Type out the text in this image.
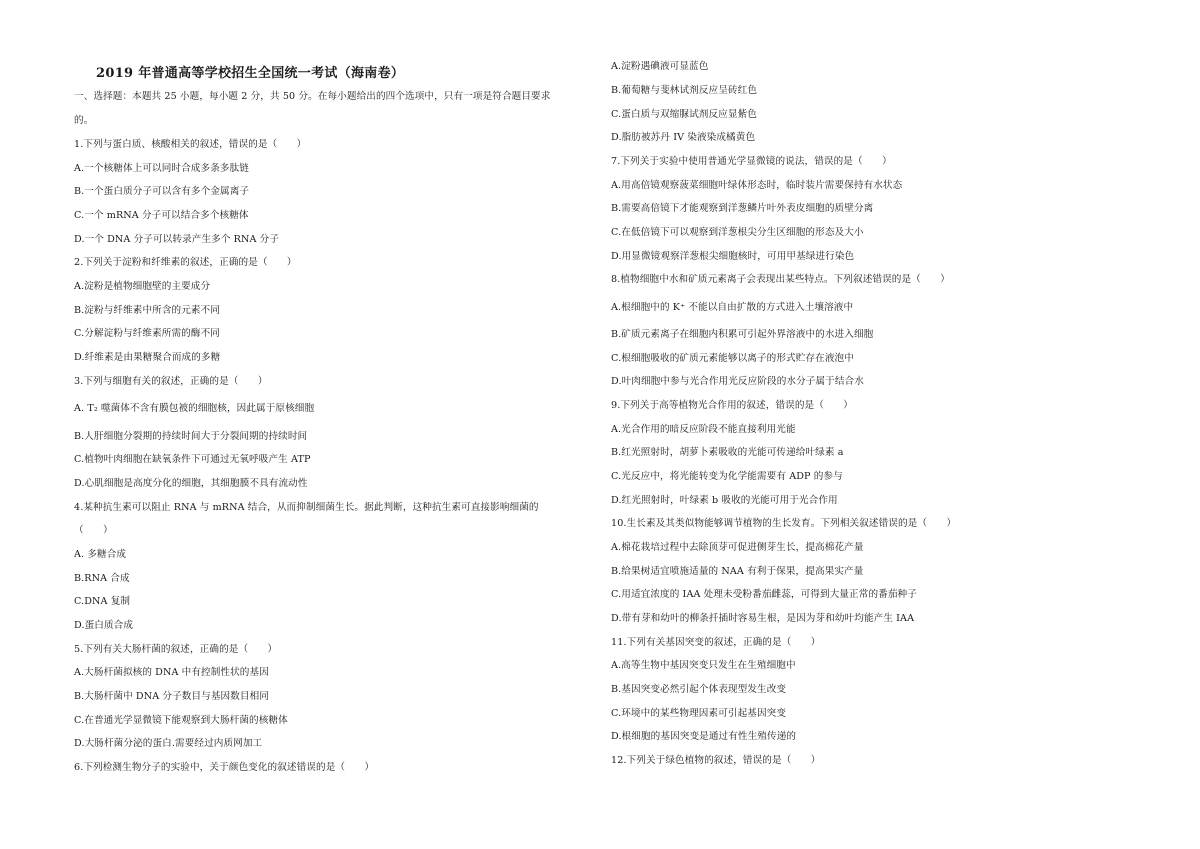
2019 年普通高等学校招生全国统一考试（海南卷）
一、选择题：本题共 25 小题，每小题 2 分，共 50 分。在每小题给出的四个选项中，只有一项是符合题目要求
的。
1.下列与蛋白质、核酸相关的叙述，错误的是（　　）
A.一个核糖体上可以同时合成多条多肽链
B.一个蛋白质分子可以含有多个金属离子
C.一个 mRNA 分子可以结合多个核糖体
D.一个 DNA 分子可以转录产生多个 RNA 分子
2.下列关于淀粉和纤维素的叙述，正确的是（　　）
A.淀粉是植物细胞壁的主要成分
B.淀粉与纤维素中所含的元素不同
C.分解淀粉与纤维素所需的酶不同
D.纤维素是由果糖聚合而成的多糖
3.下列与细胞有关的叙述，正确的是（　　）
A. T₂ 噬菌体不含有膜包被的细胞核，因此属于原核细胞
B.人肝细胞分裂期的持续时间大于分裂间期的持续时间
C.植物叶肉细胞在缺氧条件下可通过无氧呼吸产生 ATP
D.心肌细胞是高度分化的细胞，其细胞膜不具有流动性
4.某种抗生素可以阻止 RNA 与 mRNA 结合，从而抑制细菌生长。据此判断，这种抗生素可直接影响细菌的
（　　）
A. 多糖合成
B.RNA 合成
C.DNA 复制
D.蛋白质合成
5.下列有关大肠杆菌的叙述，正确的是（　　）
A.大肠杆菌拟核的 DNA 中有控制性状的基因
B.大肠杆菌中 DNA 分子数目与基因数目相同
C.在普通光学显微镜下能观察到大肠杆菌的核糖体
D.大肠杆菌分泌的蛋白.需要经过内质网加工
6.下列检测生物分子的实验中，关于颜色变化的叙述错误的是（　　）
A.淀粉遇碘液可显蓝色
B.葡萄糖与斐林试剂反应呈砖红色
C.蛋白质与双缩脲试剂反应显紫色
D.脂肪被苏丹 IV 染液染成橘黄色
7.下列关于实验中使用普通光学显微镜的说法，错误的是（　　）
A.用高倍镜观察菠菜细胞叶绿体形态时，临时装片需要保持有水状态
B.需要高倍镜下才能观察到洋葱鳞片叶外表皮细胞的质壁分离
C.在低倍镜下可以观察到洋葱根尖分生区细胞的形态及大小
D.用显微镜观察洋葱根尖细胞核时，可用甲基绿进行染色
8.植物细胞中水和矿质元素离子会表现出某些特点。下列叙述错误的是（　　）
A.根细胞中的 K⁺ 不能以自由扩散的方式进入土壤溶液中
B.矿质元素离子在细胞内积累可引起外界溶液中的水进入细胞
C.根细胞吸收的矿质元素能够以离子的形式贮存在液泡中
D.叶肉细胞中参与光合作用光反应阶段的水分子属于结合水
9.下列关于高等植物光合作用的叙述，错误的是（　　）
A.光合作用的暗反应阶段不能直接利用光能
B.红光照射时，胡萝卜素吸收的光能可传递给叶绿素 a
C.光反应中，将光能转变为化学能需要有 ADP 的参与
D.红光照射时，叶绿素 b 吸收的光能可用于光合作用
10.生长素及其类似物能够调节植物的生长发育。下列相关叙述错误的是（　　）
A.棉花栽培过程中去除顶芽可促进侧芽生长，提高棉花产量
B.给果树适宜喷施适量的 NAA 有利于保果，提高果实产量
C.用适宜浓度的 IAA 处理未受粉番茄雌蕊，可得到大量正常的番茄种子
D.带有芽和幼叶的柳条扦插时容易生根，是因为芽和幼叶均能产生 IAA
11.下列有关基因突变的叙述，正确的是（　　）
A.高等生物中基因突变只发生在生殖细胞中
B.基因突变必然引起个体表现型发生改变
C.环境中的某些物理因素可引起基因突变
D.根细胞的基因突变是通过有性生殖传递的
12.下列关于绿色植物的叙述，错误的是（　　）
